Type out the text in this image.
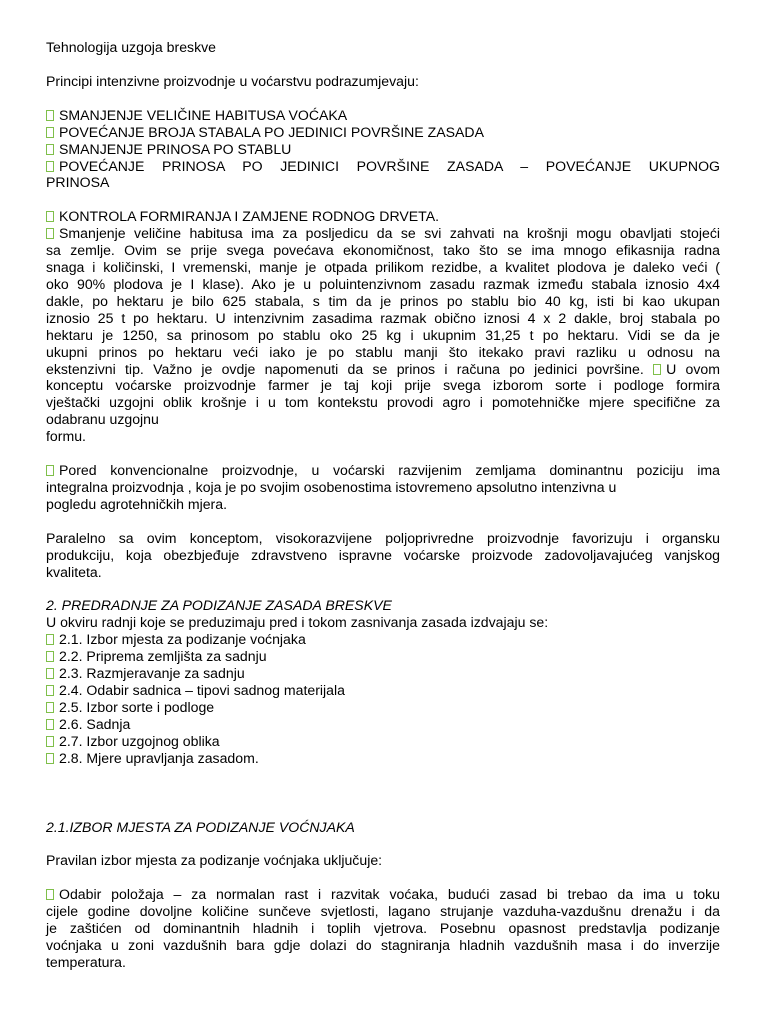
Tehnologija uzgoja breskve

Principi intenzivne proizvodnje u voćarstvu podrazumjevaju:

SMANJENJE VELIČINE HABITUSA VOĆAKA

POVEĆANJE BROJA STABALA PO JEDINICI POVRŠINE ZASADA

SMANJENJE PRINOSA PO STABLU

POVEĆANJE PRINOSA PO JEDINICI POVRŠINE ZASADA – POVEĆANJE UKUPNOG

PRINOSA

KONTROLA FORMIRANJA I ZAMJENE RODNOG DRVETA.

Smanjenje veličine habitusa ima za posljedicu da se svi zahvati na krošnji mogu obavljati stojeći

sa zemlje. Ovim se prije svega povećava ekonomičnost, tako što se ima mnogo efikasnija radna

snaga i količinski, I vremenski, manje je otpada prilikom rezidbe, a kvalitet plodova je daleko veći (

oko 90% plodova je I klase). Ako je u poluintenzivnom zasadu razmak između stabala iznosio 4x4

dakle, po hektaru je bilo 625 stabala, s tim da je prinos po stablu bio 40 kg, isti bi kao ukupan

iznosio 25 t po hektaru. U intenzivnim zasadima razmak obično iznosi 4 x 2 dakle, broj stabala po

hektaru je 1250, sa prinosom po stablu oko 25 kg i ukupnim 31,25 t po hektaru. Vidi se da je

ukupni prinos po hektaru veći iako je po stablu manji što itekako pravi razliku u odnosu na

ekstenzivni tip. Važno je ovdje napomenuti da se prinos i računa po jedinici površine. U ovom

konceptu voćarske proizvodnje farmer je taj koji prije svega izborom sorte i podloge formira

vještački uzgojni oblik krošnje i u tom kontekstu provodi agro i pomotehničke mjere specifične za

odabranu uzgojnu

formu.

Pored konvencionalne proizvodnje, u voćarski razvijenim zemljama dominantnu poziciju ima

integralna proizvodnja , koja je po svojim osobenostima istovremeno apsolutno intenzivna u

pogledu agrotehničkih mjera.

Paralelno sa ovim konceptom, visokorazvijene poljoprivredne proizvodnje favorizuju i organsku

produkciju, koja obezbjeđuje zdravstveno ispravne voćarske proizvode zadovoljavajućeg vanjskog

kvaliteta.

2. PREDRADNJE ZA PODIZANJE ZASADA BRESKVE

U okviru radnji koje se preduzimaju pred i tokom zasnivanja zasada izdvajaju se:

2.1. Izbor mjesta za podizanje voćnjaka

2.2. Priprema zemljišta za sadnju

2.3. Razmjeravanje za sadnju

2.4. Odabir sadnica – tipovi sadnog materijala

2.5. Izbor sorte i podloge

2.6. Sadnja

2.7. Izbor uzgojnog oblika

2.8. Mjere upravljanja zasadom.

2.1.IZBOR MJESTA ZA PODIZANJE VOĆNJAKA

Pravilan izbor mjesta za podizanje voćnjaka uključuje:

Odabir položaja – za normalan rast i razvitak voćaka, budući zasad bi trebao da ima u toku

cijele godine dovoljne količine sunčeve svjetlosti, lagano strujanje vazduha-vazdušnu drenažu i da

je zaštićen od dominantnih hladnih i toplih vjetrova. Posebnu opasnost predstavlja podizanje

voćnjaka u zoni vazdušnih bara gdje dolazi do stagniranja hladnih vazdušnih masa i do inverzije

temperatura.
